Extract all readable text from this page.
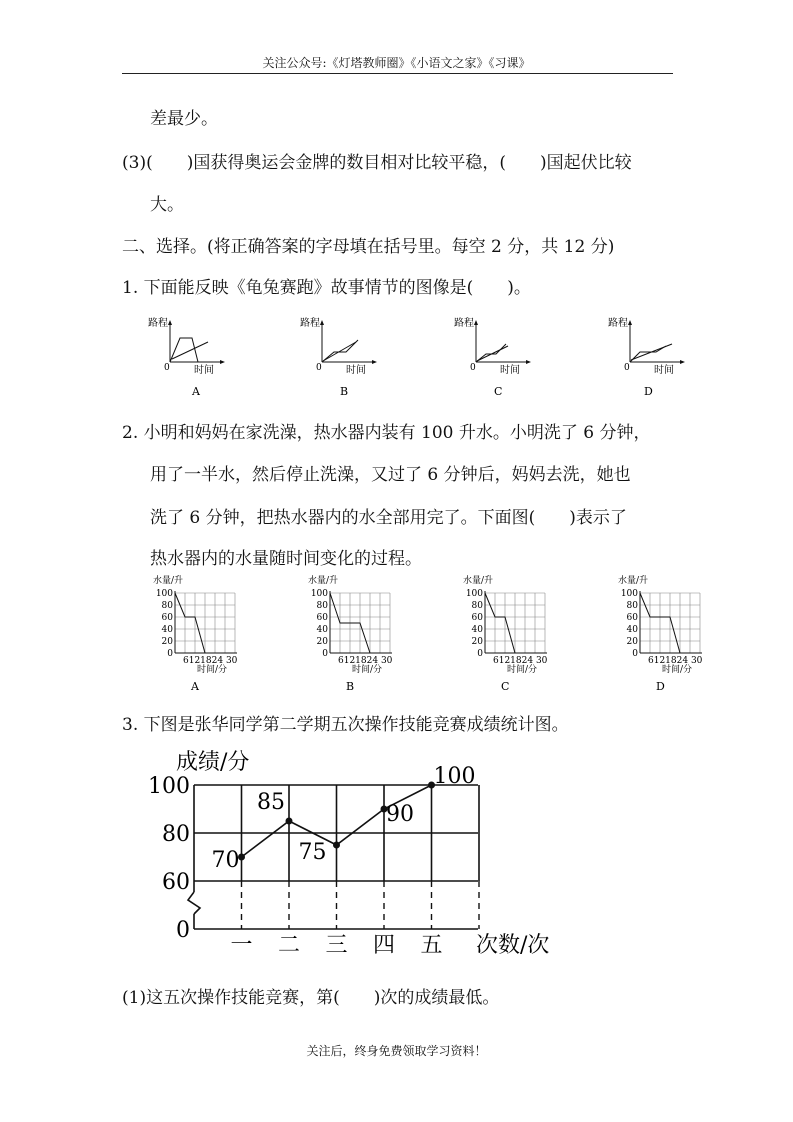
关注公众号:《灯塔教师圈》《小语文之家》《习课》
差最少。
(3)(　　)国获得奥运会金牌的数目相对比较平稳，(　　)国起伏比较
大。
二、选择。(将正确答案的字母填在括号里。每空 2 分，共 12 分)
1. 下面能反映《龟兔赛跑》故事情节的图像是(　　)。
路程
时间
0
路程
时间
0
路程
时间
0
路程
时间
0
A	B	C	D
2. 小明和妈妈在家洗澡，热水器内装有 100 升水。小明洗了 6 分钟，
用了一半水，然后停止洗澡，又过了 6 分钟后，妈妈去洗，她也
洗了 6 分钟，把热水器内的水全部用完了。下面图(　　)表示了
热水器内的水量随时间变化的过程。
水量/升
100
80
60
40
20
0
6121824 30
时间/分
A
水量/升
100
80
60
40
20
0
6121824 30
时间/分
B
水量/升
100
80
60
40
20
0
6121824 30
时间/分
C
水量/升
100
80
60
40
20
0
6121824 30
时间/分
D
3. 下图是张华同学第二学期五次操作技能竞赛成绩统计图。
成绩/分
100
80
60
0
一 二 三 四 五 次数/次
70
85
75
90
100
(1)这五次操作技能竞赛，第(　　)次的成绩最低。
关注后，终身免费领取学习资料！
